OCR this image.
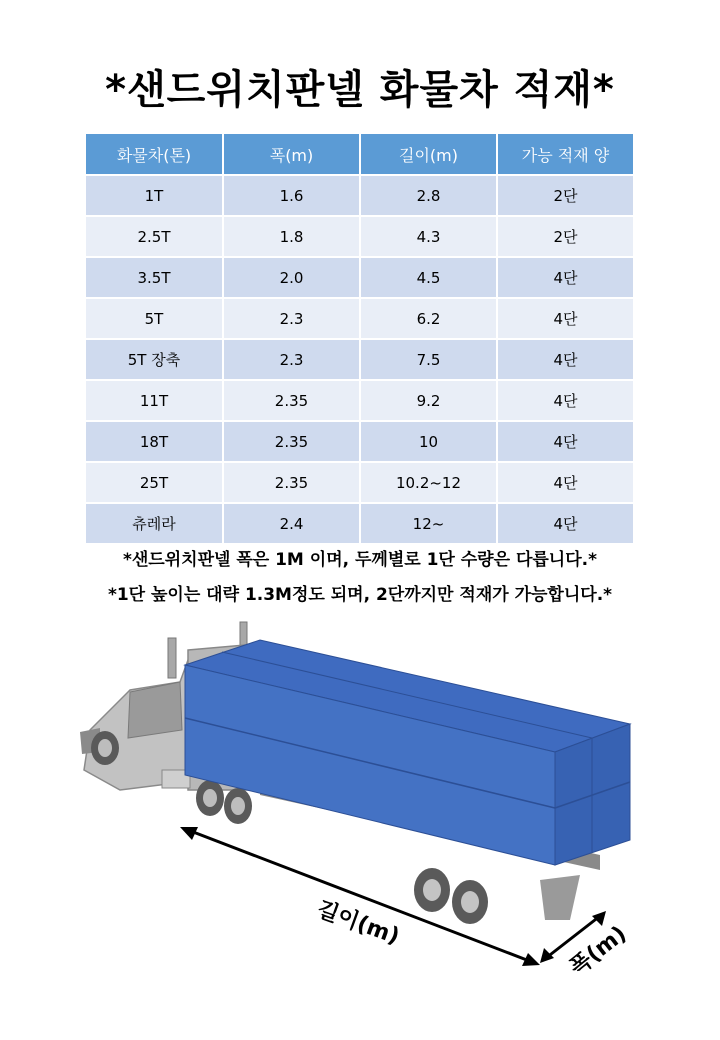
*샌드위치판넬 화물차 적재*
화물차(톤)	폭(m)	길이(m)	가능 적재 양
1T	1.6	2.8	2단
2.5T	1.8	4.3	2단
3.5T	2.0	4.5	4단
5T	2.3	6.2	4단
5T 장축	2.3	7.5	4단
11T	2.35	9.2	4단
18T	2.35	10	4단
25T	2.35	10.2~12	4단
츄레라	2.4	12~	4단
*샌드위치판넬 폭은 1M 이며, 두께별로 1단 수량은 다릅니다.*
*1단 높이는 대략 1.3M정도 되며, 2단까지만 적재가 가능합니다.*
길이(m)	폭(m)
